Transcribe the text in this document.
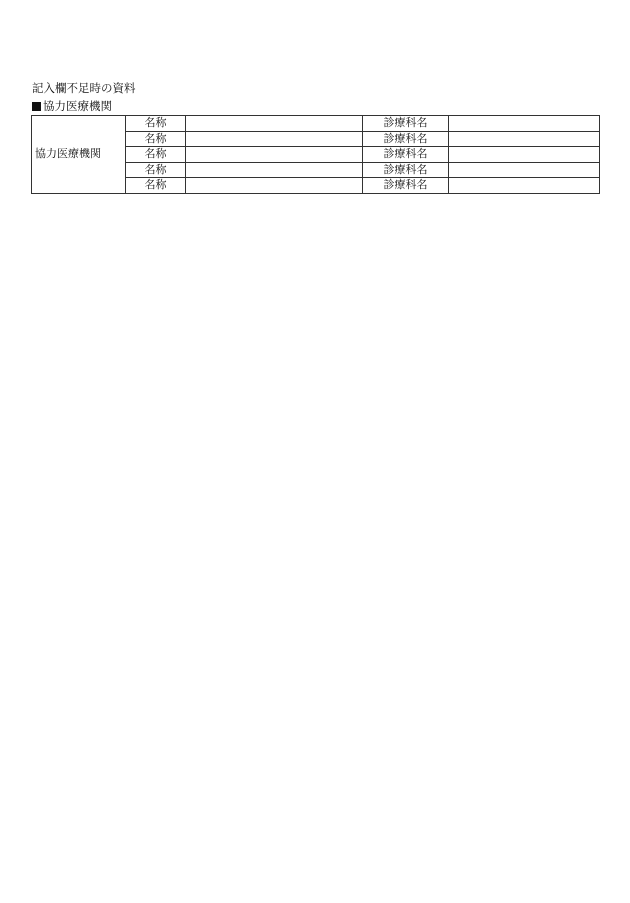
記入欄不足時の資料
協力医療機関
協力医療機関	名称		診療科名	
	名称		診療科名	
	名称		診療科名	
	名称		診療科名	
	名称		診療科名	
